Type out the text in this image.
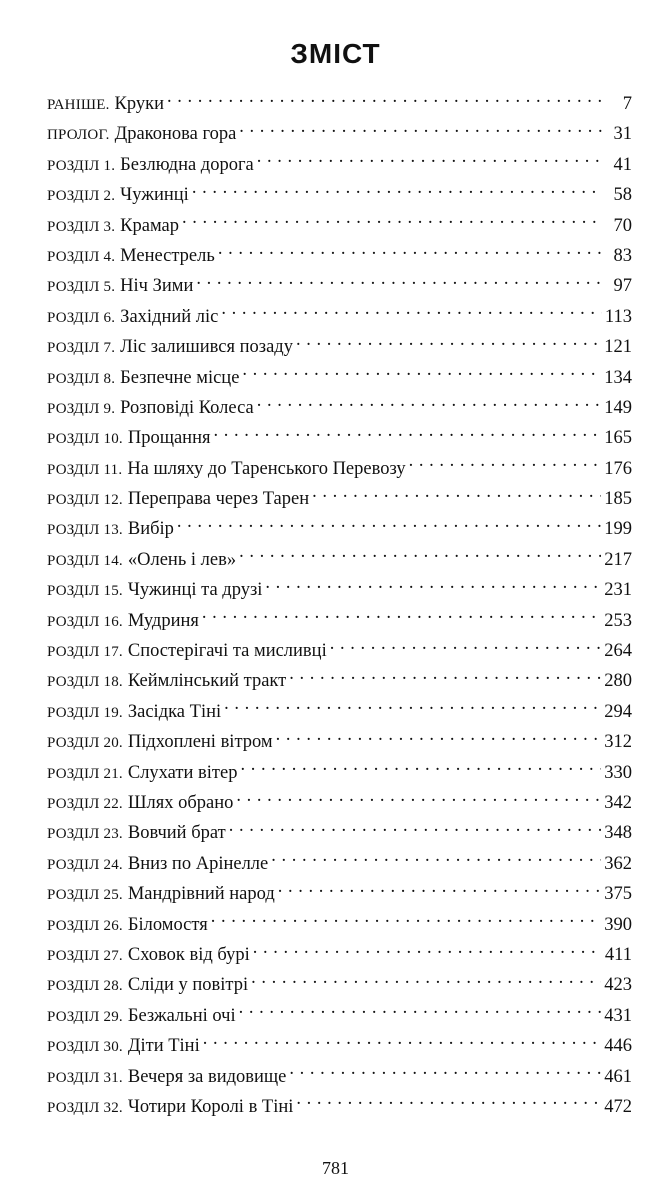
ЗМІСТ
РАНІШЕ. Круки . . .	7
ПРОЛОГ. Драконова гора . . .	31
РОЗДІЛ 1. Безлюдна дорога . . .	41
РОЗДІЛ 2. Чужинці . . .	58
РОЗДІЛ 3. Крамар . . .	70
РОЗДІЛ 4. Менестрель . . .	83
РОЗДІЛ 5. Ніч Зими . . .	97
РОЗДІЛ 6. Західний ліс . . .	113
РОЗДІЛ 7. Ліс залишився позаду . . .	121
РОЗДІЛ 8. Безпечне місце . . .	134
РОЗДІЛ 9. Розповіді Колеса . . .	149
РОЗДІЛ 10. Прощання . . .	165
РОЗДІЛ 11. На шляху до Таренського Перевозу . . .	176
РОЗДІЛ 12. Переправа через Тарен . . .	185
РОЗДІЛ 13. Вибір . . .	199
РОЗДІЛ 14. «Олень і лев» . . .	217
РОЗДІЛ 15. Чужинці та друзі . . .	231
РОЗДІЛ 16. Мудриня . . .	253
РОЗДІЛ 17. Спостерігачі та мисливці . . .	264
РОЗДІЛ 18. Кеймлінський тракт . . .	280
РОЗДІЛ 19. Засідка Тіні . . .	294
РОЗДІЛ 20. Підхоплені вітром . . .	312
РОЗДІЛ 21. Слухати вітер . . .	330
РОЗДІЛ 22. Шлях обрано . . .	342
РОЗДІЛ 23. Вовчий брат . . .	348
РОЗДІЛ 24. Вниз по Арінелле . . .	362
РОЗДІЛ 25. Мандрівний народ . . .	375
РОЗДІЛ 26. Біломостя . . .	390
РОЗДІЛ 27. Сховок від бурі . . .	411
РОЗДІЛ 28. Сліди у повітрі . . .	423
РОЗДІЛ 29. Безжальні очі . . .	431
РОЗДІЛ 30. Діти Тіні . . .	446
РОЗДІЛ 31. Вечеря за видовище . . .	461
РОЗДІЛ 32. Чотири Королі в Тіні . . .	472

781
